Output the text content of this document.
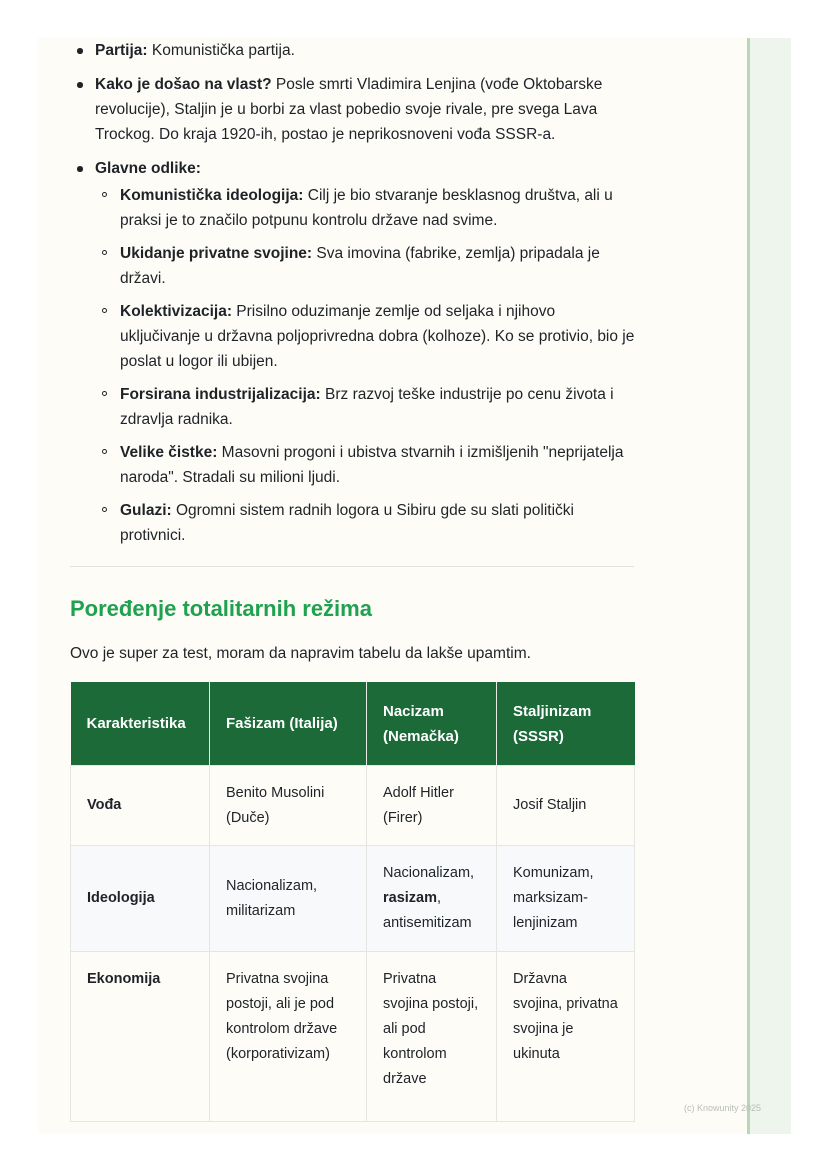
Partija: Komunistička partija.
Kako je došao na vlast? Posle smrti Vladimira Lenjina (vođe Oktobarske revolucije), Staljin je u borbi za vlast pobedio svoje rivale, pre svega Lava Trockog. Do kraja 1920-ih, postao je neprikosnoveni vođa SSSR-a.
Glavne odlike:
Komunistička ideologija: Cilj je bio stvaranje besklasnog društva, ali u praksi je to značilo potpunu kontrolu države nad svime.
Ukidanje privatne svojine: Sva imovina (fabrike, zemlja) pripadala je državi.
Kolektivizacija: Prisilno oduzimanje zemlje od seljaka i njihovo uključivanje u državna poljoprivredna dobra (kolhoze). Ko se protivio, bio je poslat u logor ili ubijen.
Forsirana industrijalizacija: Brz razvoj teške industrije po cenu života i zdravlja radnika.
Velike čistke: Masovni progoni i ubistva stvarnih i izmišljenih "neprijatelja naroda". Stradali su milioni ljudi.
Gulazi: Ogromni sistem radnih logora u Sibiru gde su slati politički protivnici.
Poređenje totalitarnih režima

Ovo je super za test, moram da napravim tabelu da lakše upamtim.

Karakteristika	Fašizam (Italija)	Nacizam (Nemačka)	Staljinizam (SSSR)
Vođa	Benito Musolini (Duče)	Adolf Hitler (Firer)	Josif Staljin
Ideologija	Nacionalizam, militarizam	Nacionalizam, rasizam, antisemitizam	Komunizam, marksizam-lenjinizam
Ekonomija	Privatna svojina postoji, ali je pod kontrolom države (korporativizam)	Privatna svojina postoji, ali pod kontrolom države	Državna svojina, privatna svojina je ukinuta
(c) Knowunity 2025
